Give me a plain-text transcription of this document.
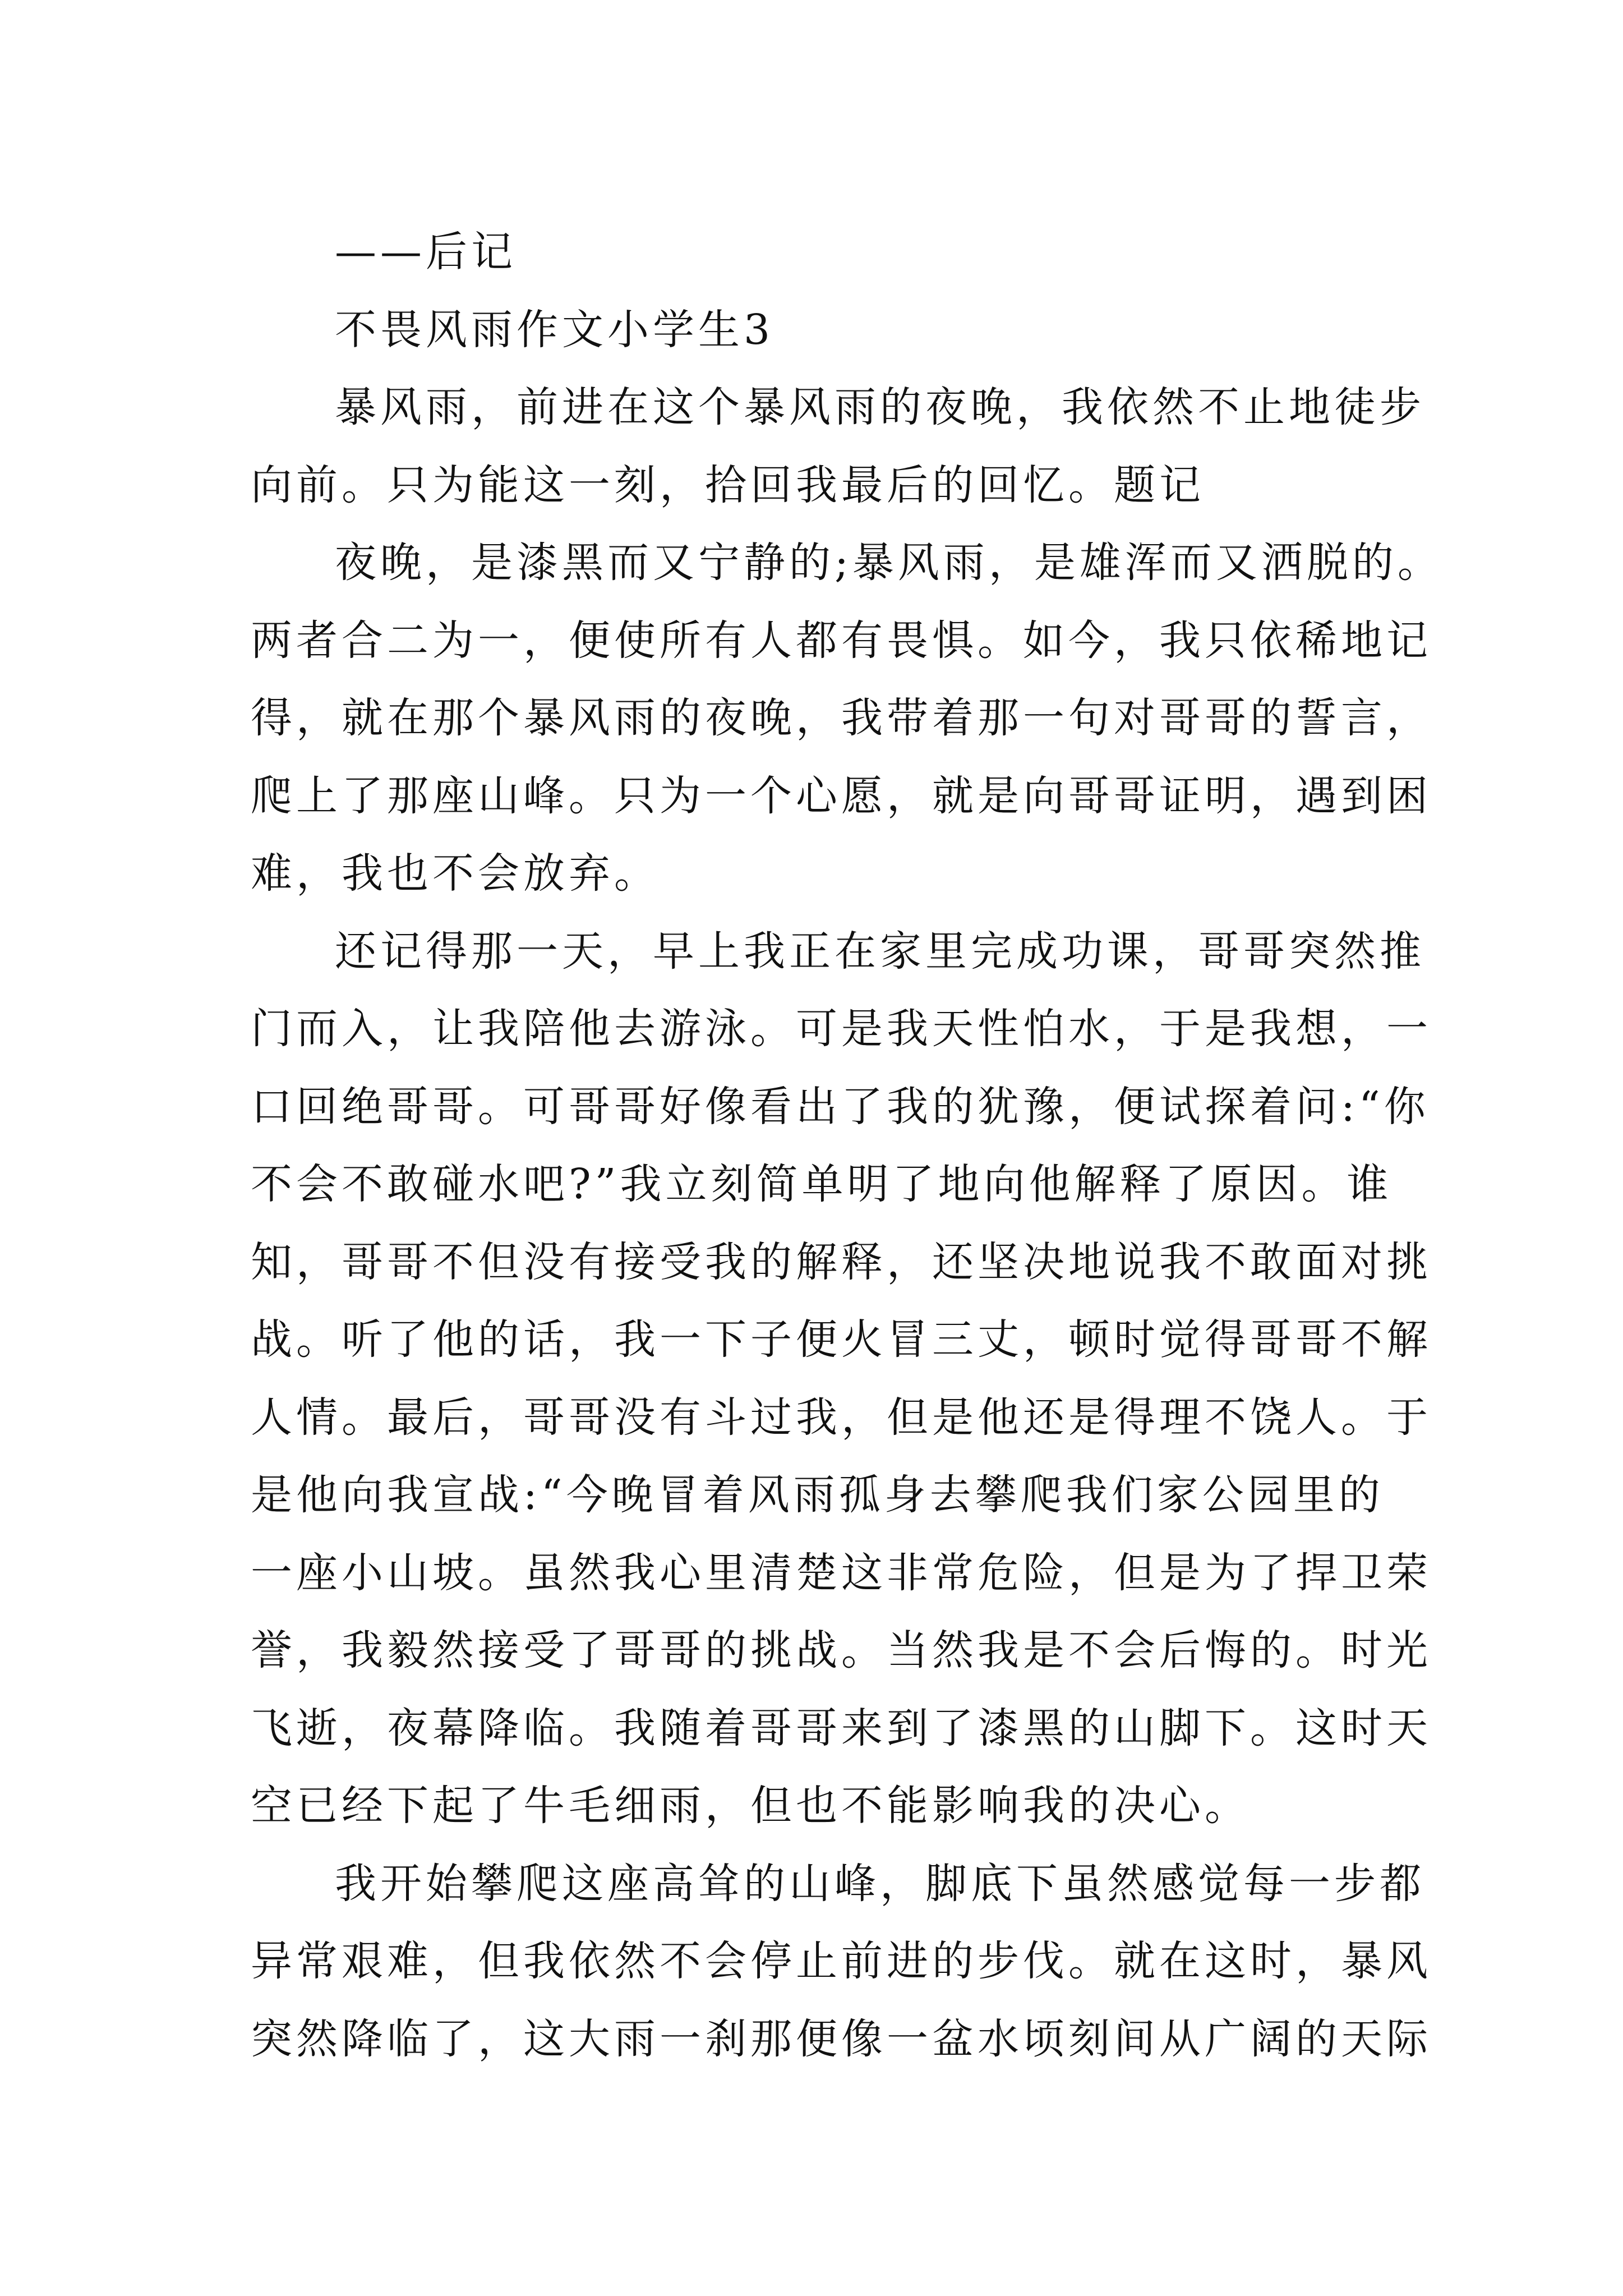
——后记
不畏风雨作文小学生3
暴风雨，前进在这个暴风雨的夜晚，我依然不止地徒步
向前。只为能这一刻，拾回我最后的回忆。题记
夜晚，是漆黑而又宁静的;暴风雨，是雄浑而又洒脱的。
两者合二为一，便使所有人都有畏惧。如今，我只依稀地记
得，就在那个暴风雨的夜晚，我带着那一句对哥哥的誓言，
爬上了那座山峰。只为一个心愿，就是向哥哥证明，遇到困
难，我也不会放弃。
还记得那一天，早上我正在家里完成功课，哥哥突然推
门而入，让我陪他去游泳。可是我天性怕水，于是我想，一
口回绝哥哥。可哥哥好像看出了我的犹豫，便试探着问:“你
不会不敢碰水吧?”我立刻简单明了地向他解释了原因。谁
知，哥哥不但没有接受我的解释，还坚决地说我不敢面对挑
战。听了他的话，我一下子便火冒三丈，顿时觉得哥哥不解
人情。最后，哥哥没有斗过我，但是他还是得理不饶人。于
是他向我宣战:“今晚冒着风雨孤身去攀爬我们家公园里的
一座小山坡。虽然我心里清楚这非常危险，但是为了捍卫荣
誉，我毅然接受了哥哥的挑战。当然我是不会后悔的。时光
飞逝，夜幕降临。我随着哥哥来到了漆黑的山脚下。这时天
空已经下起了牛毛细雨，但也不能影响我的决心。
我开始攀爬这座高耸的山峰，脚底下虽然感觉每一步都
异常艰难，但我依然不会停止前进的步伐。就在这时，暴风
突然降临了，这大雨一刹那便像一盆水顷刻间从广阔的天际
